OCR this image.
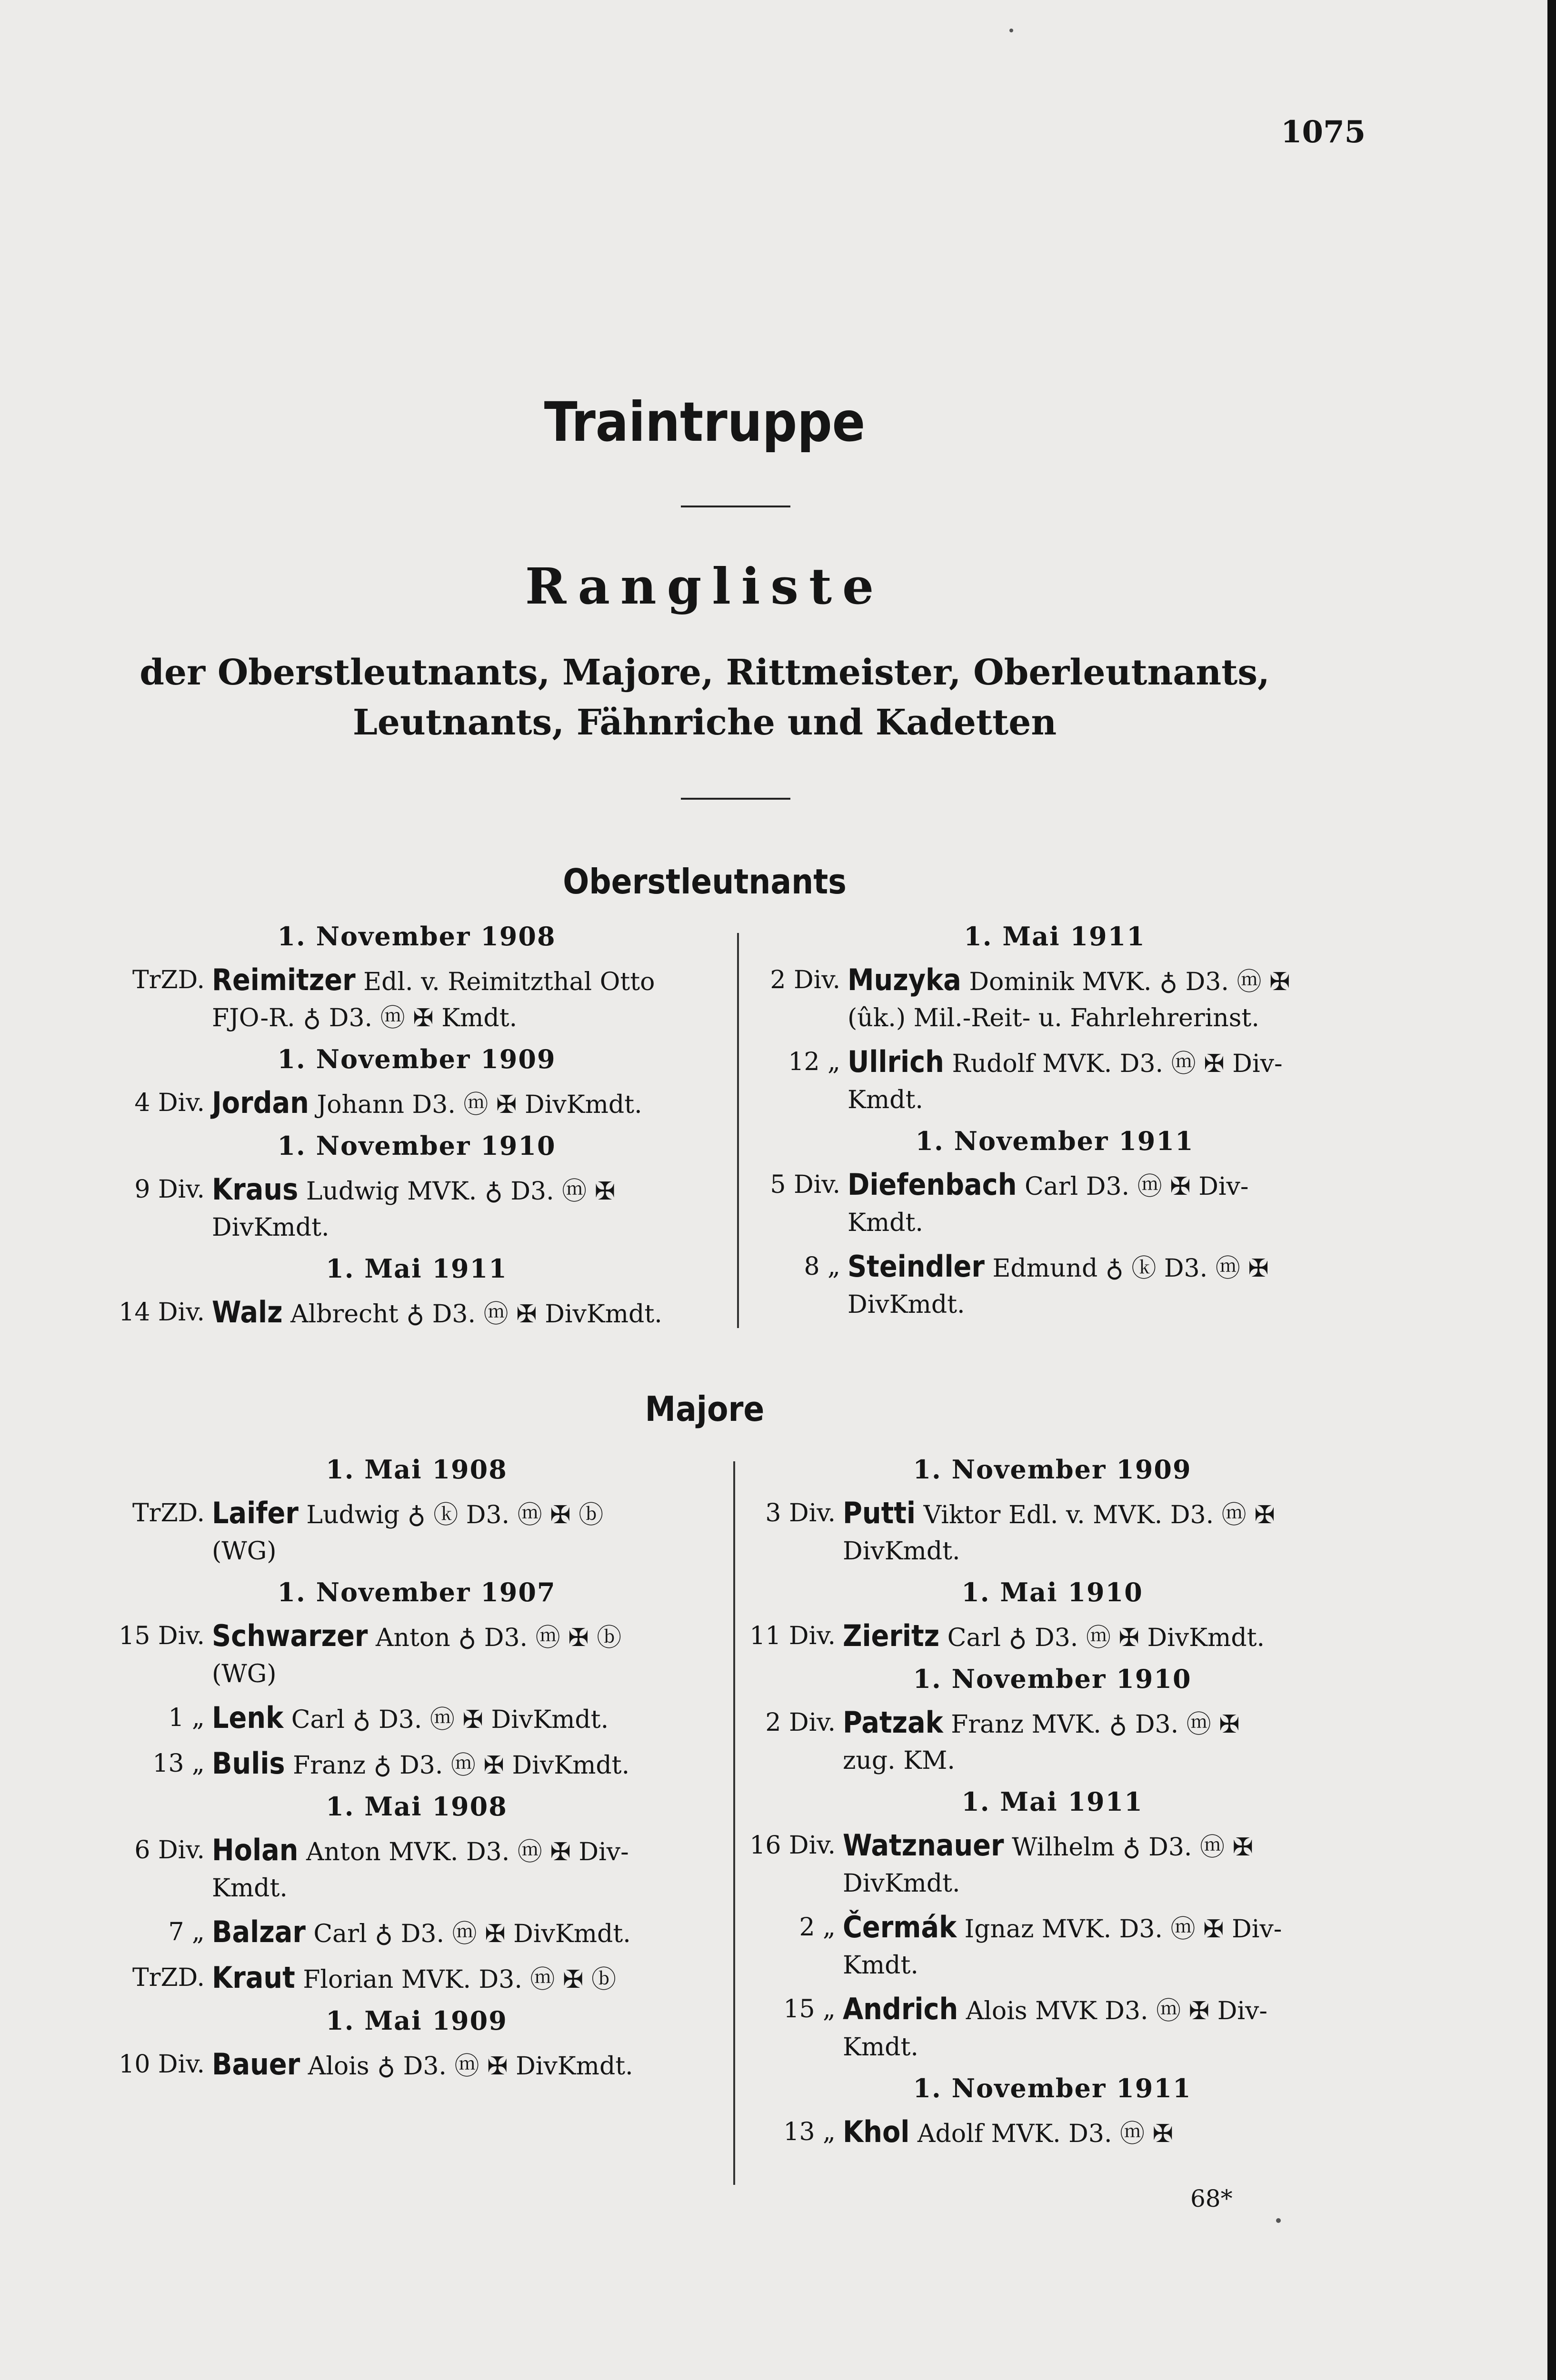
1075
Traintruppe
Rangliste
der Oberstleutnants, Majore, Rittmeister, Oberleutnants,
Leutnants, Fähnriche und Kadetten
Oberstleutnants
1. November 1908
TrZD. Reimitzer Edl. v. Reimitzthal Otto
FJO-R. ♁ D3. ⓜ ✠ Kmdt.
1. November 1909
4 Div. Jordan Johann D3. ⓜ ✠ DivKmdt.
1. November 1910
9 Div. Kraus Ludwig MVK. ♁ D3. ⓜ ✠
DivKmdt.
1. Mai 1911
14 Div. Walz Albrecht ♁ D3. ⓜ ✠ DivKmdt.
1. Mai 1911
2 Div. Muzyka Dominik MVK. ♁ D3. ⓜ ✠
(ûk.) Mil.-Reit- u. Fahrlehrerinst.
12 „ Ullrich Rudolf MVK. D3. ⓜ ✠ Div-
Kmdt.
1. November 1911
5 Div. Diefenbach Carl D3. ⓜ ✠ Div-
Kmdt.
8 „ Steindler Edmund ♁ ⓚ D3. ⓜ ✠
DivKmdt.
Majore
1. Mai 1908
TrZD. Laifer Ludwig ♁ ⓚ D3. ⓜ ✠ ⓑ
(WG)
1. November 1907
15 Div. Schwarzer Anton ♁ D3. ⓜ ✠ ⓑ
(WG)
1 „ Lenk Carl ♁ D3. ⓜ ✠ DivKmdt.
13 „ Bulis Franz ♁ D3. ⓜ ✠ DivKmdt.
1. Mai 1908
6 Div. Holan Anton MVK. D3. ⓜ ✠ Div-
Kmdt.
7 „ Balzar Carl ♁ D3. ⓜ ✠ DivKmdt.
TrZD. Kraut Florian MVK. D3. ⓜ ✠ ⓑ
1. Mai 1909
10 Div. Bauer Alois ♁ D3. ⓜ ✠ DivKmdt.
1. November 1909
3 Div. Putti Viktor Edl. v. MVK. D3. ⓜ ✠
DivKmdt.
1. Mai 1910
11 Div. Zieritz Carl ♁ D3. ⓜ ✠ DivKmdt.
1. November 1910
2 Div. Patzak Franz MVK. ♁ D3. ⓜ ✠
zug. KM.
1. Mai 1911
16 Div. Watznauer Wilhelm ♁ D3. ⓜ ✠
DivKmdt.
2 „ Čermák Ignaz MVK. D3. ⓜ ✠ Div-
Kmdt.
15 „ Andrich Alois MVK D3. ⓜ ✠ Div-
Kmdt.
1. November 1911
13 „ Khol Adolf MVK. D3. ⓜ ✠
68*
